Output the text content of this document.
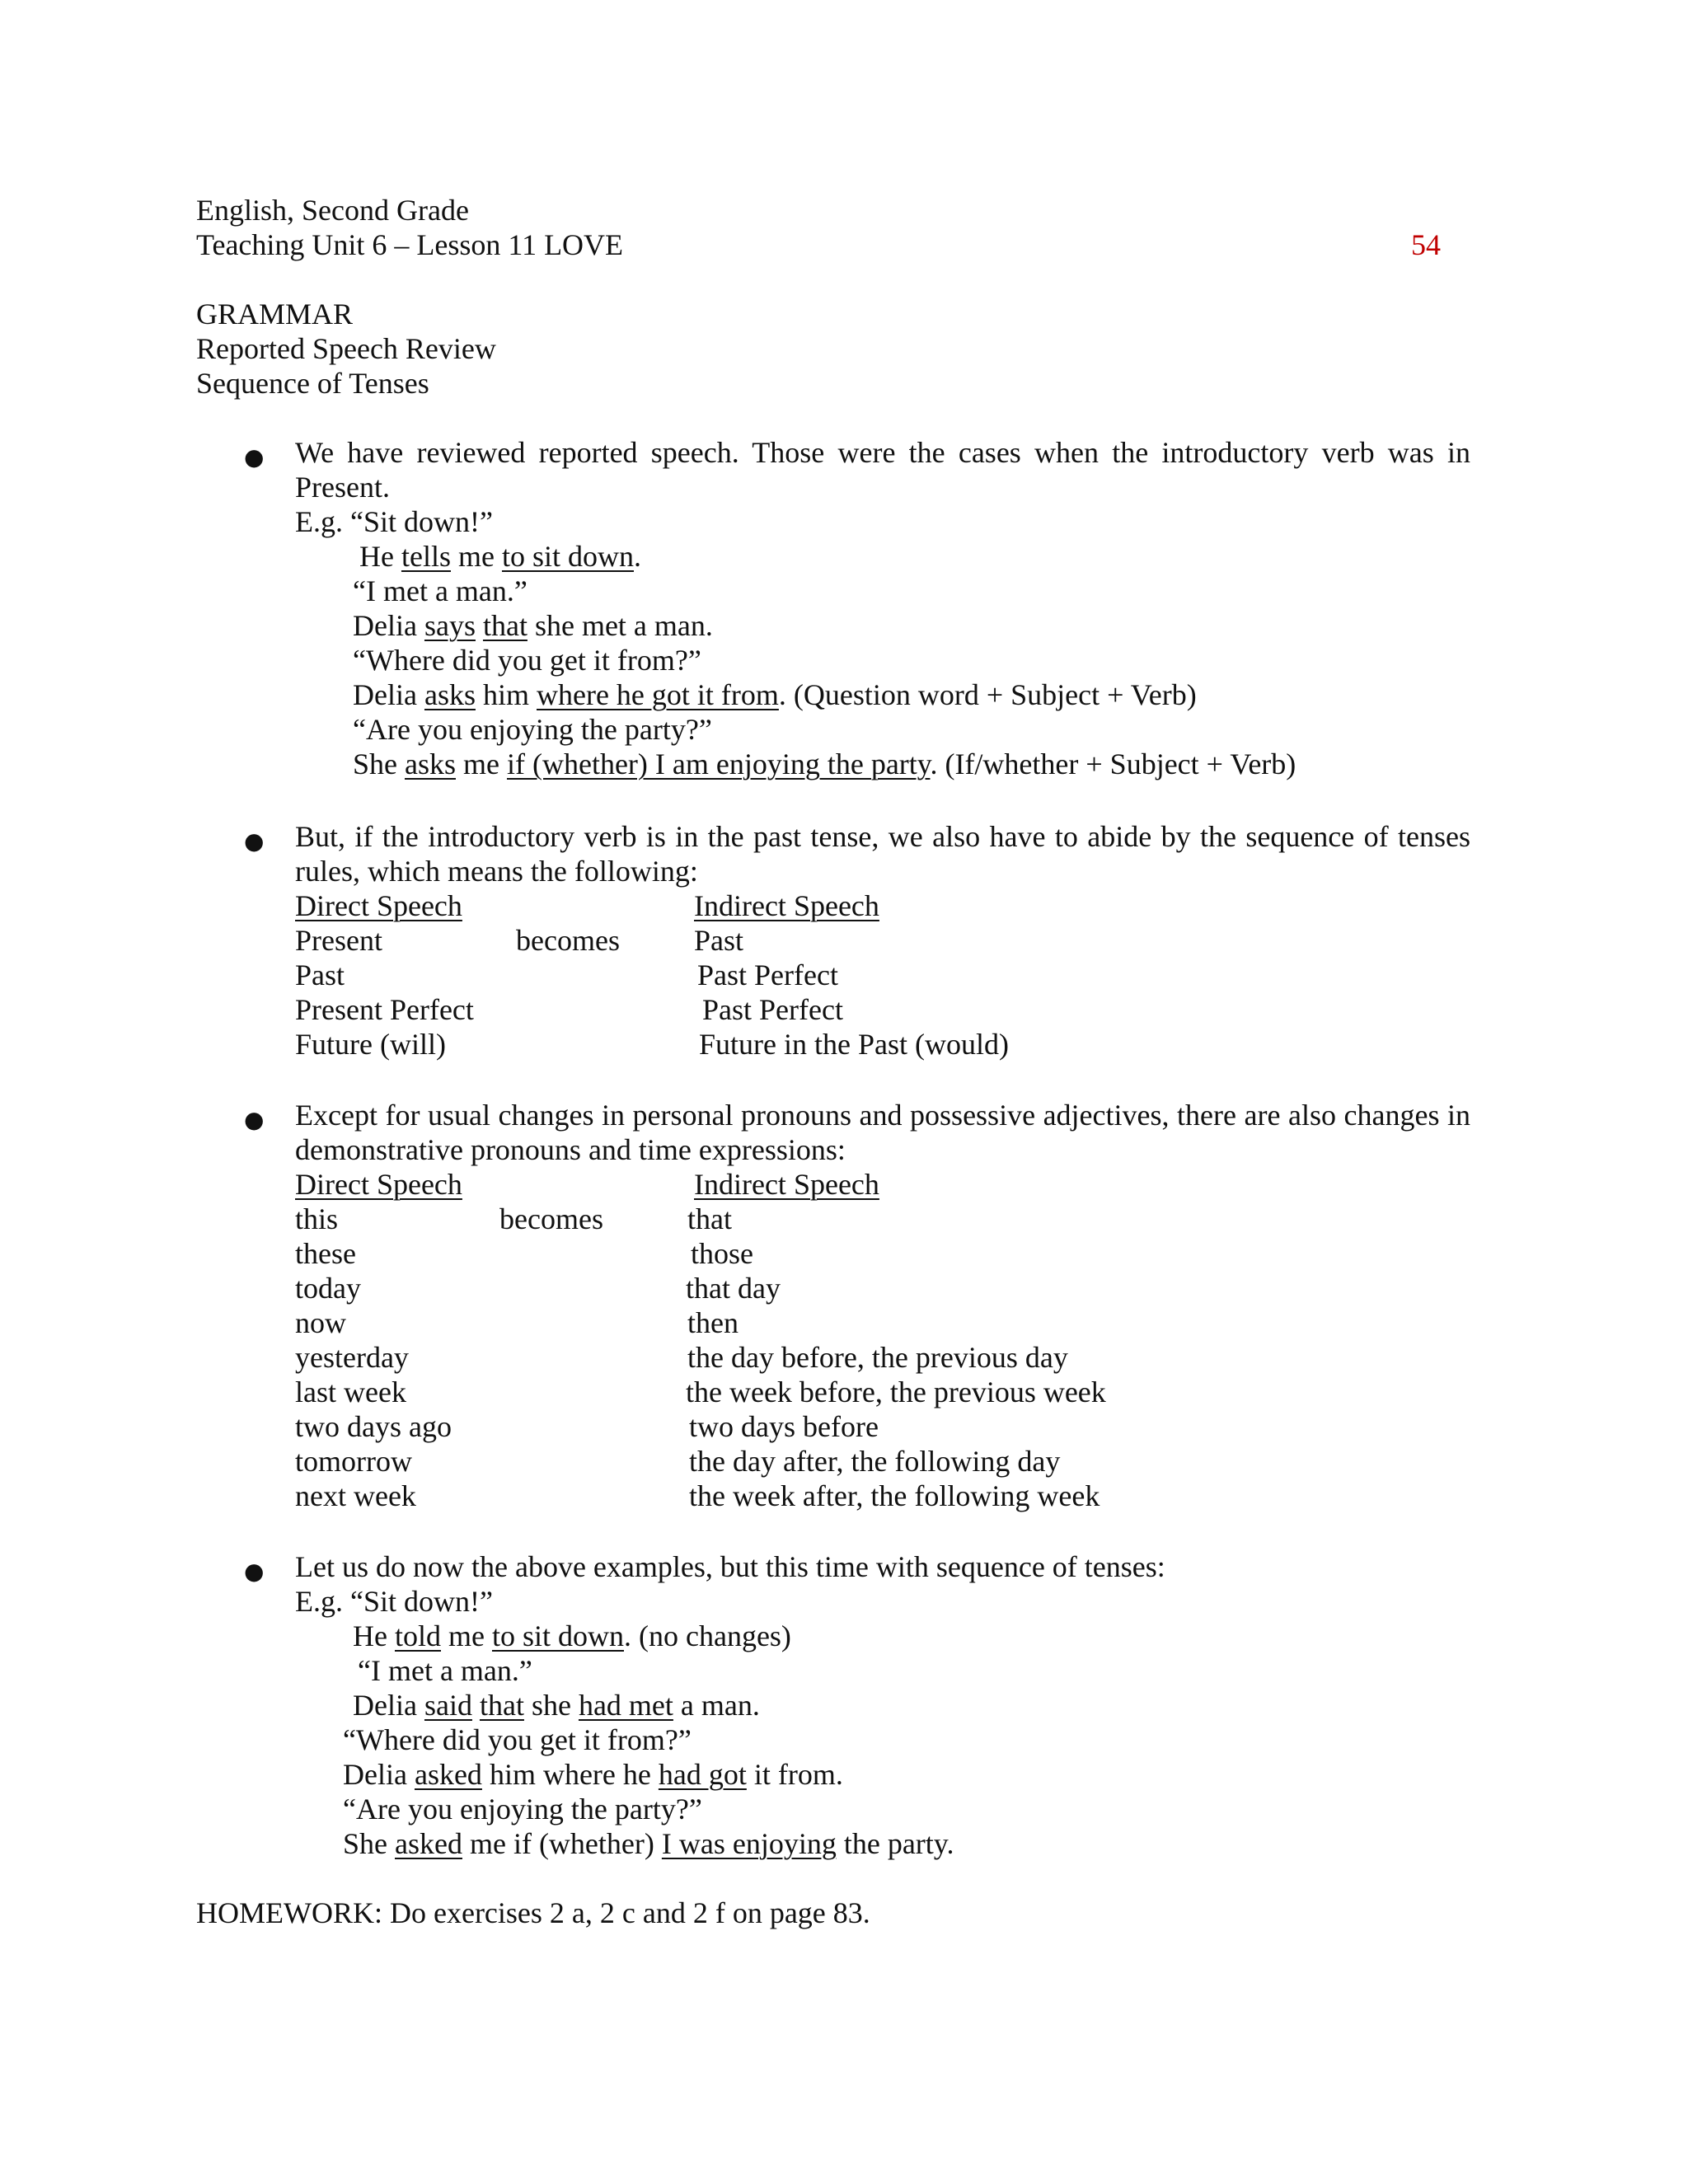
English, Second Grade
Teaching Unit 6 – Lesson 11 LOVE	54
GRAMMAR
Reported Speech Review
Sequence of Tenses
● We have reviewed reported speech. Those were the cases when the introductory verb was in Present.
E.g. “Sit down!”
He tells me to sit down.
“I met a man.”
Delia says that she met a man.
“Where did you get it from?”
Delia asks him where he got it from. (Question word + Subject + Verb)
“Are you enjoying the party?”
She asks me if (whether) I am enjoying the party. (If/whether + Subject + Verb)
● But, if the introductory verb is in the past tense, we also have to abide by the sequence of tenses rules, which means the following:
Direct Speech	Indirect Speech
Present	becomes	Past
Past	Past Perfect
Present Perfect	Past Perfect
Future (will)	Future in the Past (would)
● Except for usual changes in personal pronouns and possessive adjectives, there are also changes in demonstrative pronouns and time expressions:
Direct Speech	Indirect Speech
this	becomes	that
these	those
today	that day
now	then
yesterday	the day before, the previous day
last week	the week before, the previous week
two days ago	two days before
tomorrow	the day after, the following day
next week	the week after, the following week
● Let us do now the above examples, but this time with sequence of tenses:
E.g. “Sit down!”
He told me to sit down. (no changes)
“I met a man.”
Delia said that she had met a man.
“Where did you get it from?”
Delia asked him where he had got it from.
“Are you enjoying the party?”
She asked me if (whether) I was enjoying the party.
HOMEWORK: Do exercises 2 a, 2 c and 2 f on page 83.
